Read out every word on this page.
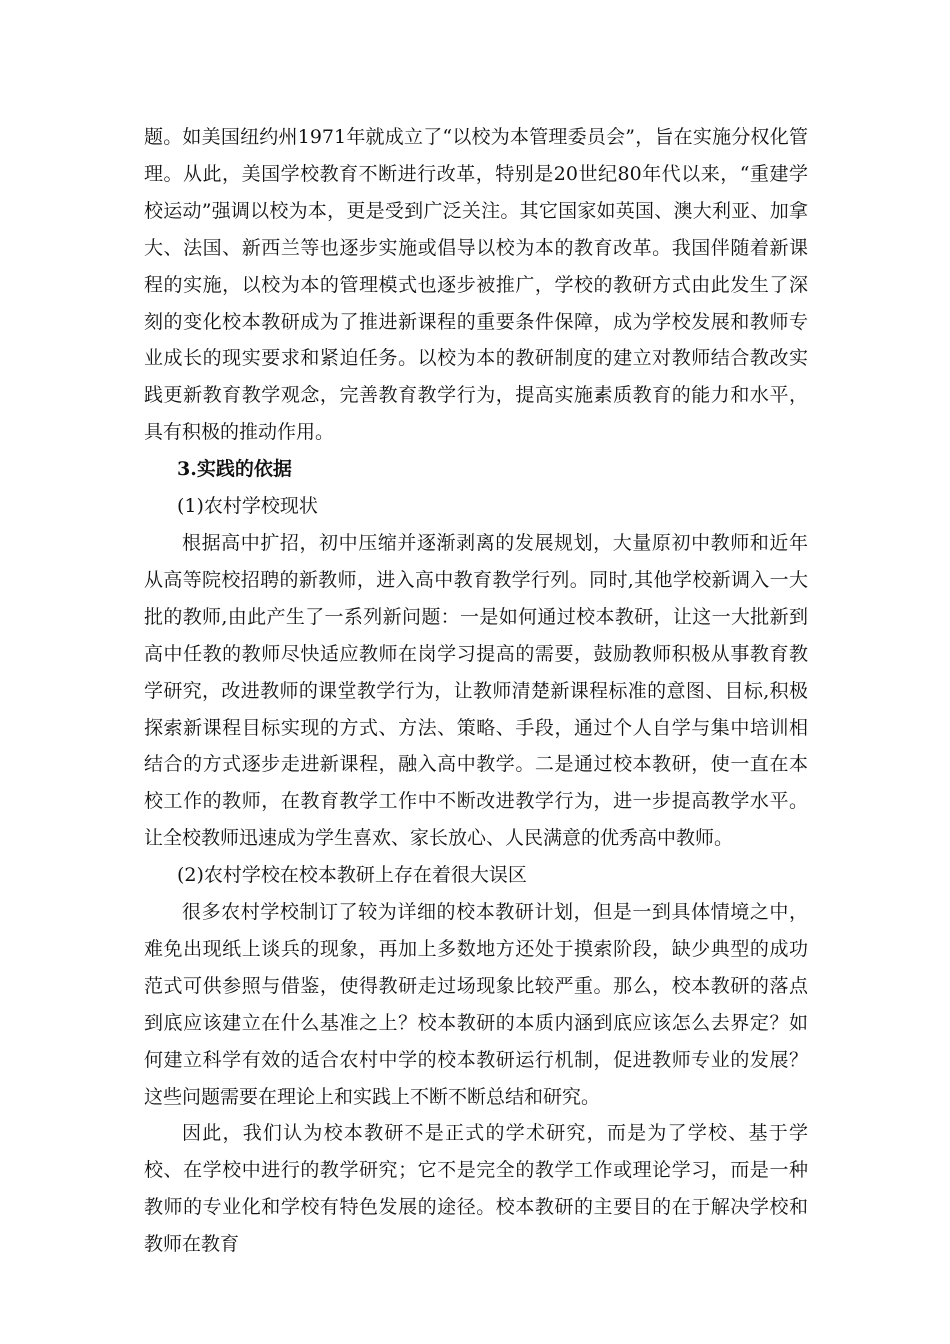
题。如美国纽约州1971年就成立了“以校为本管理委员会”，旨在实施分权化管理。从此，美国学校教育不断进行改革，特别是20世纪80年代以来，“重建学校运动”强调以校为本，更是受到广泛关注。其它国家如英国、澳大利亚、加拿大、法国、新西兰等也逐步实施或倡导以校为本的教育改革。我国伴随着新课程的实施，以校为本的管理模式也逐步被推广，学校的教研方式由此发生了深刻的变化校本教研成为了推进新课程的重要条件保障，成为学校发展和教师专业成长的现实要求和紧迫任务。以校为本的教研制度的建立对教师结合教改实践更新教育教学观念，完善教育教学行为，提高实施素质教育的能力和水平，具有积极的推动作用。

3.实践的依据

(1)农村学校现状

根据高中扩招，初中压缩并逐渐剥离的发展规划，大量原初中教师和近年从高等院校招聘的新教师，进入高中教育教学行列。同时,其他学校新调入一大批的教师,由此产生了一系列新问题：一是如何通过校本教研，让这一大批新到高中任教的教师尽快适应教师在岗学习提高的需要，鼓励教师积极从事教育教学研究，改进教师的课堂教学行为，让教师清楚新课程标准的意图、目标,积极探索新课程目标实现的方式、方法、策略、手段，通过个人自学与集中培训相结合的方式逐步走进新课程，融入高中教学。二是通过校本教研，使一直在本校工作的教师，在教育教学工作中不断改进教学行为，进一步提高教学水平。让全校教师迅速成为学生喜欢、家长放心、人民满意的优秀高中教师。

(2)农村学校在校本教研上存在着很大误区

很多农村学校制订了较为详细的校本教研计划，但是一到具体情境之中，难免出现纸上谈兵的现象，再加上多数地方还处于摸索阶段，缺少典型的成功范式可供参照与借鉴，使得教研走过场现象比较严重。那么，校本教研的落点到底应该建立在什么基准之上？校本教研的本质内涵到底应该怎么去界定？如何建立科学有效的适合农村中学的校本教研运行机制，促进教师专业的发展？这些问题需要在理论上和实践上不断不断总结和研究。

因此，我们认为校本教研不是正式的学术研究，而是为了学校、基于学校、在学校中进行的教学研究；它不是完全的教学工作或理论学习，而是一种教师的专业化和学校有特色发展的途径。校本教研的主要目的在于解决学校和教师在教育
